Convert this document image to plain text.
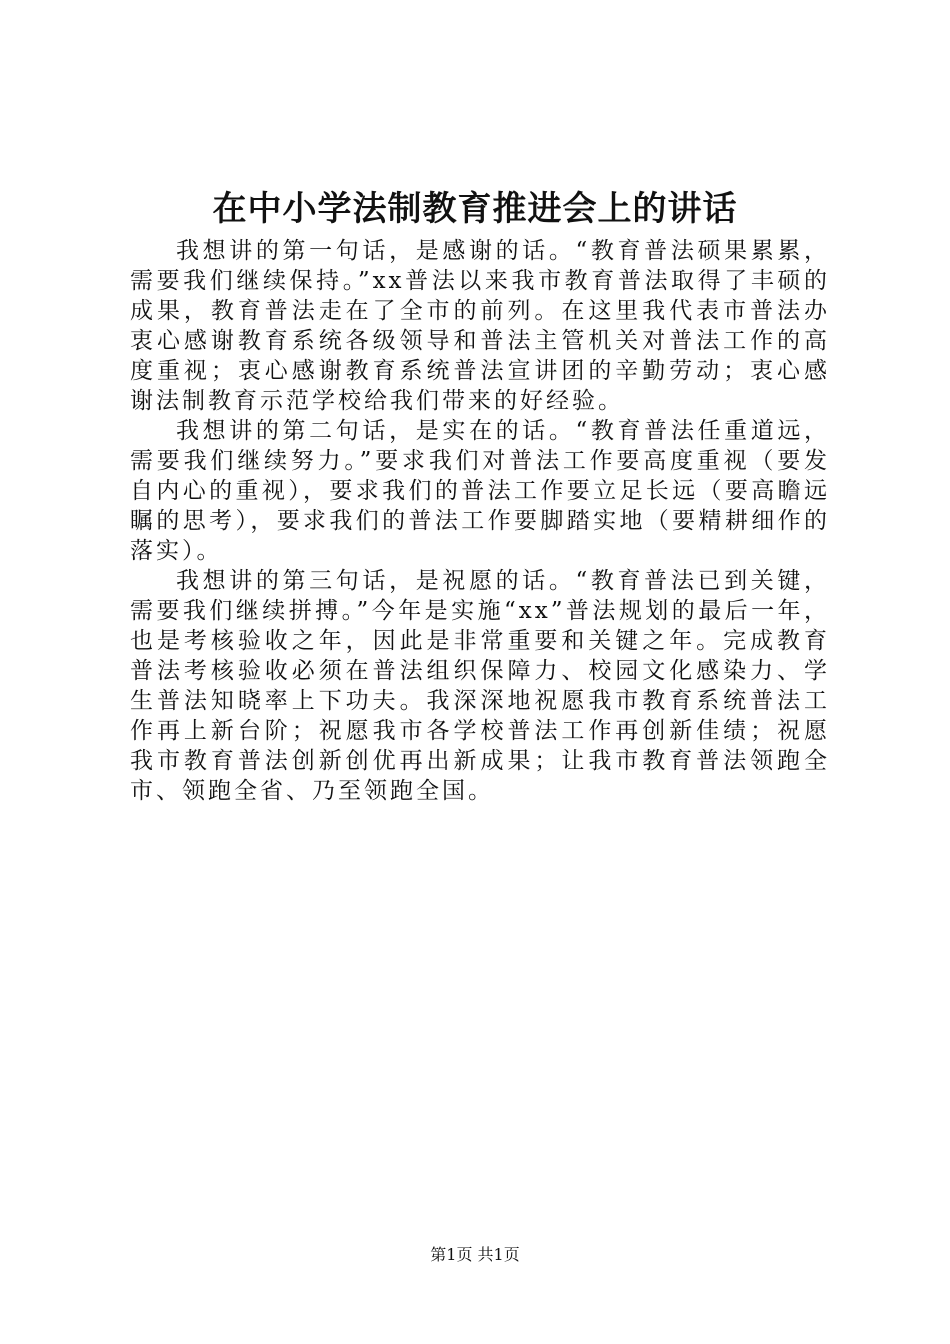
在中小学法制教育推进会上的讲话

我想讲的第一句话，是感谢的话。“教育普法硕果累累，需要我们继续保持。”xx普法以来我市教育普法取得了丰硕的成果，教育普法走在了全市的前列。在这里我代表市普法办衷心感谢教育系统各级领导和普法主管机关对普法工作的高度重视；衷心感谢教育系统普法宣讲团的辛勤劳动；衷心感谢法制教育示范学校给我们带来的好经验。

我想讲的第二句话，是实在的话。“教育普法任重道远，需要我们继续努力。”要求我们对普法工作要高度重视（要发自内心的重视），要求我们的普法工作要立足长远（要高瞻远瞩的思考），要求我们的普法工作要脚踏实地（要精耕细作的落实）。

我想讲的第三句话，是祝愿的话。“教育普法已到关键，需要我们继续拼搏。”今年是实施“xx”普法规划的最后一年，也是考核验收之年，因此是非常重要和关键之年。完成教育普法考核验收必须在普法组织保障力、校园文化感染力、学生普法知晓率上下功夫。我深深地祝愿我市教育系统普法工作再上新台阶；祝愿我市各学校普法工作再创新佳绩；祝愿我市教育普法创新创优再出新成果；让我市教育普法领跑全市、领跑全省、乃至领跑全国。

第1页 共1页
